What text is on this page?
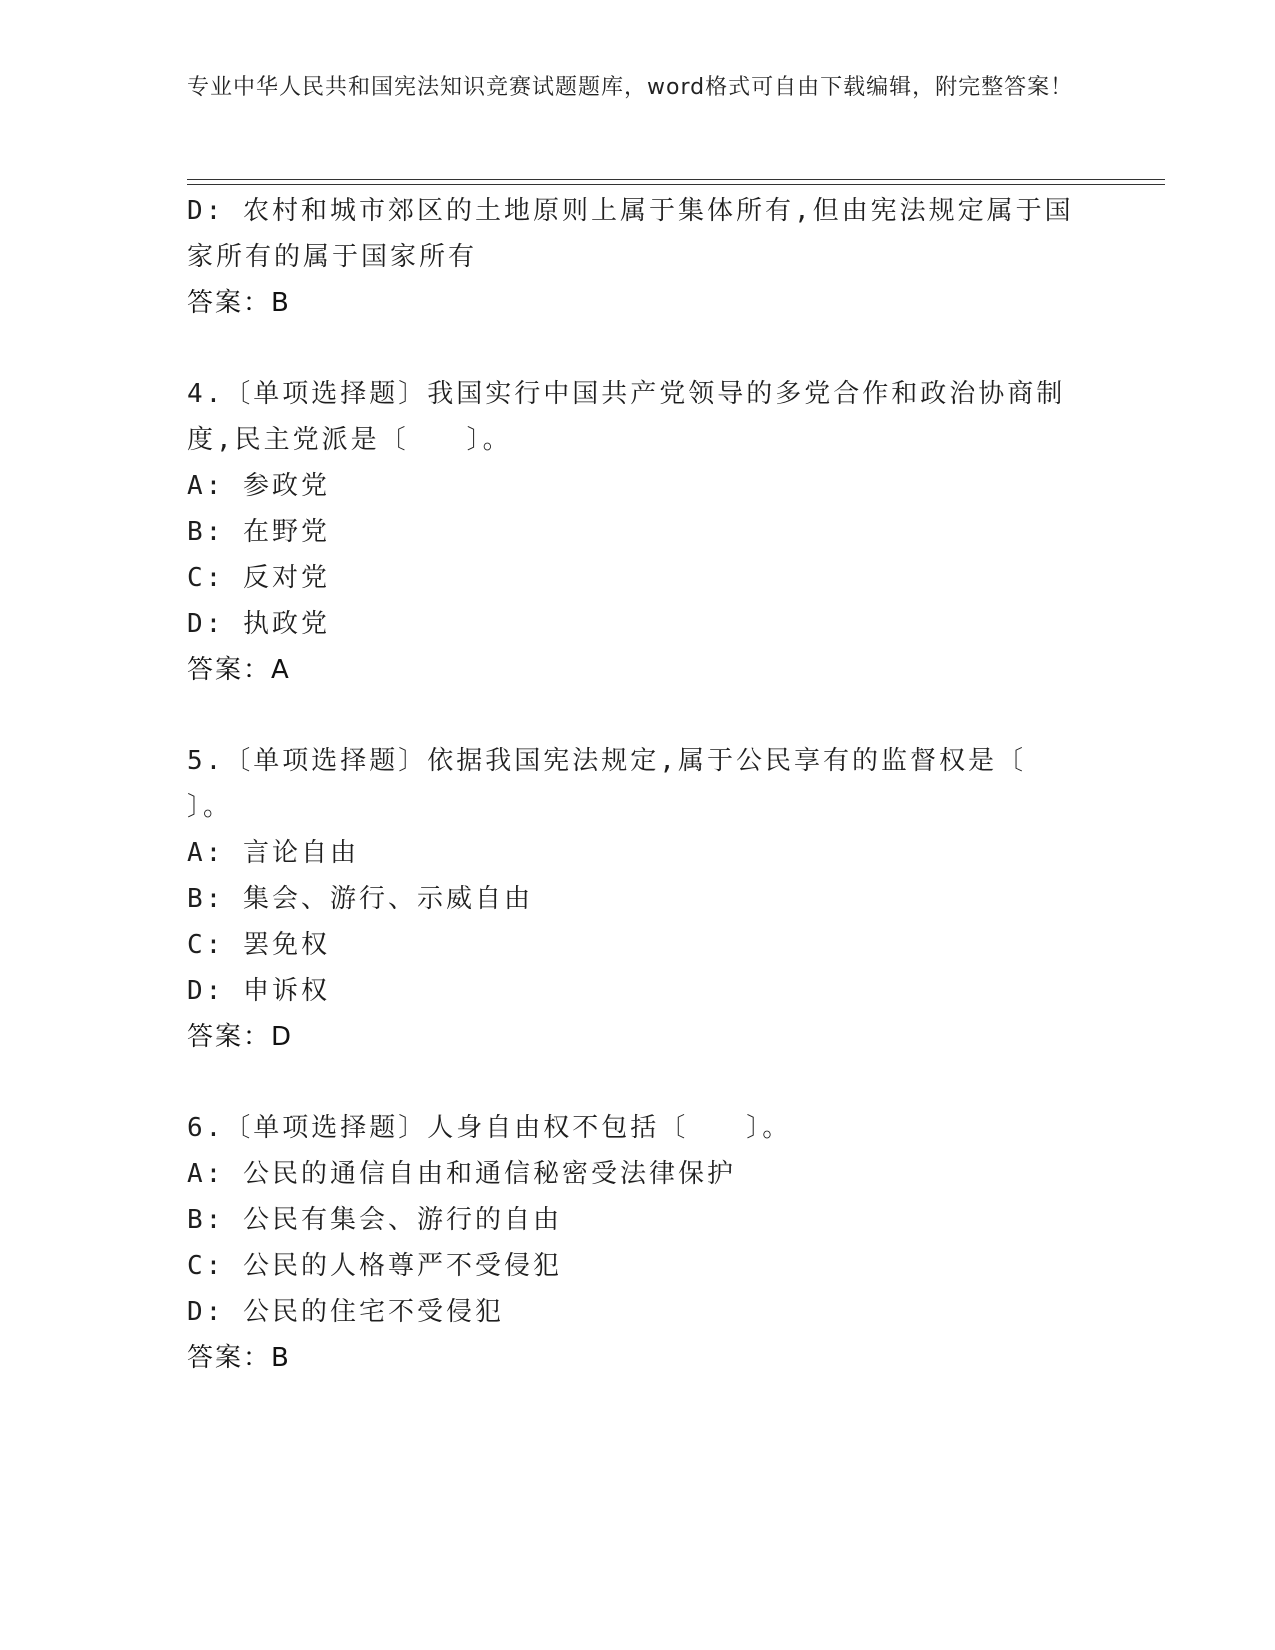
专业中华人民共和国宪法知识竞赛试题题库，word格式可自由下载编辑，附完整答案！
D: 农村和城市郊区的土地原则上属于集体所有,但由宪法规定属于国
家所有的属于国家所有
答案：B
4.〔单项选择题〕我国实行中国共产党领导的多党合作和政治协商制
度,民主党派是〔　　〕。
A: 参政党
B: 在野党
C: 反对党
D: 执政党
答案：A
5.〔单项选择题〕依据我国宪法规定,属于公民享有的监督权是〔
〕。
A: 言论自由
B: 集会、游行、示威自由
C: 罢免权
D: 申诉权
答案：D
6.〔单项选择题〕人身自由权不包括〔　　〕。
A: 公民的通信自由和通信秘密受法律保护
B: 公民有集会、游行的自由
C: 公民的人格尊严不受侵犯
D: 公民的住宅不受侵犯
答案：B
